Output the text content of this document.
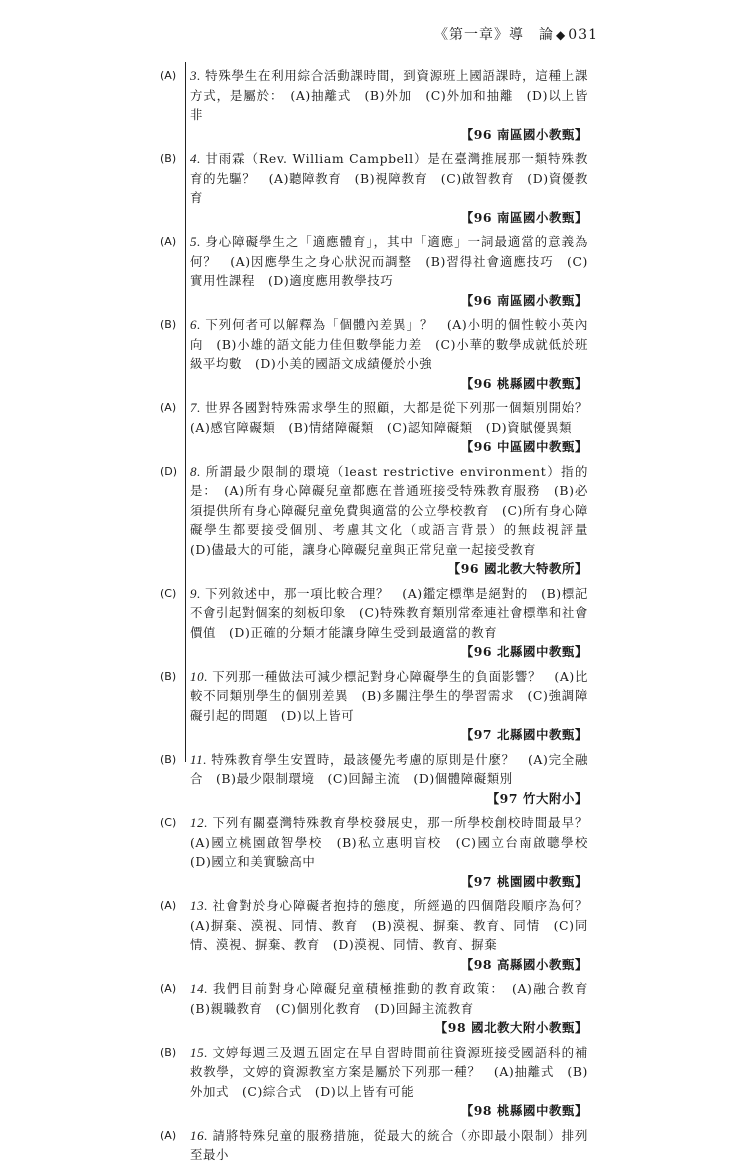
《第一章》導　論 ◆ 031
(A) 3. 特殊學生在利用綜合活動課時間，到資源班上國語課時，這種上課方式，是屬於：　(A)抽離式　(B)外加　(C)外加和抽離　(D)以上皆非
【96 南區國小教甄】
(B) 4. 甘雨霖（Rev. William Campbell）是在臺灣推展那一類特殊教育的先驅？　(A)聽障教育　(B)視障教育　(C)啟智教育　(D)資優教育
【96 南區國小教甄】
(A) 5. 身心障礙學生之「適應體育」，其中「適應」一詞最適當的意義為何？　(A)因應學生之身心狀況而調整　(B)習得社會適應技巧　(C)實用性課程　(D)適度應用教學技巧
【96 南區國小教甄】
(B) 6. 下列何者可以解釋為「個體內差異」？　(A)小明的個性較小英內向　(B)小雄的語文能力佳但數學能力差　(C)小華的數學成就低於班級平均數　(D)小美的國語文成績優於小強
【96 桃縣國中教甄】
(A) 7. 世界各國對特殊需求學生的照顧，大都是從下列那一個類別開始？　(A)感官障礙類　(B)情緒障礙類　(C)認知障礙類　(D)資賦優異類
【96 中區國中教甄】
(D) 8. 所謂最少限制的環境（least restrictive environment）指的是：　(A)所有身心障礙兒童都應在普通班接受特殊教育服務　(B)必須提供所有身心障礙兒童免費與適當的公立學校教育　(C)所有身心障礙學生都要接受個別、考慮其文化（或語言背景）的無歧視評量　(D)儘最大的可能，讓身心障礙兒童與正常兒童一起接受教育
【96 國北教大特教所】
(C) 9. 下列敘述中，那一項比較合理？　(A)鑑定標準是絕對的　(B)標記不會引起對個案的刻板印象　(C)特殊教育類別常牽連社會標準和社會價值　(D)正確的分類才能讓身障生受到最適當的教育
【96 北縣國中教甄】
(B) 10. 下列那一種做法可減少標記對身心障礙學生的負面影響？　(A)比較不同類別學生的個別差異　(B)多關注學生的學習需求　(C)強調障礙引起的問題　(D)以上皆可
【97 北縣國中教甄】
(B) 11. 特殊教育學生安置時，最該優先考慮的原則是什麼？　(A)完全融合　(B)最少限制環境　(C)回歸主流　(D)個體障礙類別
【97 竹大附小】
(C) 12. 下列有關臺灣特殊教育學校發展史，那一所學校創校時間最早？　(A)國立桃園啟智學校　(B)私立惠明盲校　(C)國立台南啟聰學校　(D)國立和美實驗高中
【97 桃園國中教甄】
(A) 13. 社會對於身心障礙者抱持的態度，所經過的四個階段順序為何？　(A)摒棄、漠視、同情、教育　(B)漠視、摒棄、教育、同情　(C)同情、漠視、摒棄、教育　(D)漠視、同情、教育、摒棄
【98 高縣國小教甄】
(A) 14. 我們目前對身心障礙兒童積極推動的教育政策：　(A)融合教育　(B)親職教育　(C)個別化教育　(D)回歸主流教育
【98 國北教大附小教甄】
(B) 15. 文婷每週三及週五固定在早自習時間前往資源班接受國語科的補救教學，文婷的資源教室方案是屬於下列那一種？　(A)抽離式　(B)外加式　(C)綜合式　(D)以上皆有可能
【98 桃縣國中教甄】
(A) 16. 請將特殊兒童的服務措施，從最大的統合（亦即最小限制）排列至最小
